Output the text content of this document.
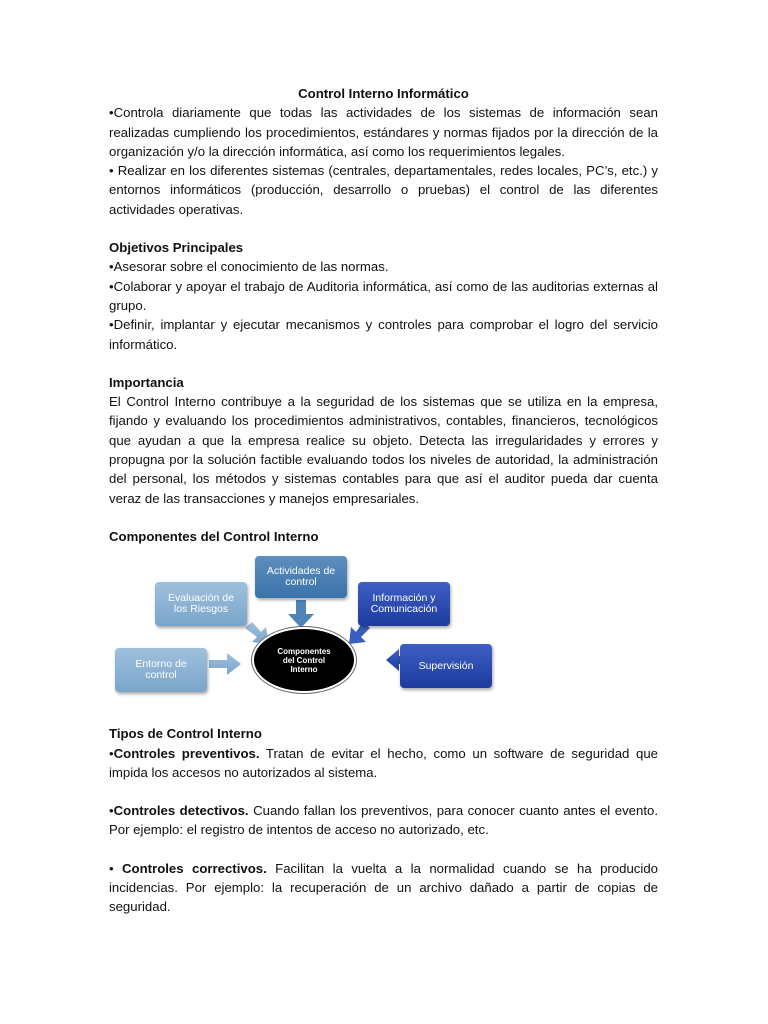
Control Interno Informático

•Controla diariamente que todas las actividades de los sistemas de información sean realizadas cumpliendo los procedimientos, estándares y normas fijados por la dirección de la organización y/o la dirección informática, así como los requerimientos legales.

• Realizar en los diferentes sistemas (centrales, departamentales, redes locales, PC’s, etc.) y entornos informáticos (producción, desarrollo o pruebas) el control de las diferentes actividades operativas.

Objetivos Principales

•Asesorar sobre el conocimiento de las normas.

•Colaborar y apoyar el trabajo de Auditoria informática, así como de las auditorias externas al grupo.

•Definir, implantar y ejecutar mecanismos y controles para comprobar el logro del servicio informático.

Importancia

El Control Interno contribuye a la seguridad de los sistemas que se utiliza en la empresa, fijando y evaluando los procedimientos administrativos, contables, financieros, tecnológicos que ayudan a que la empresa realice su objeto. Detecta las irregularidades y errores y propugna por la solución factible evaluando todos los niveles de autoridad, la administración del personal, los métodos y sistemas contables para que así el auditor pueda dar cuenta veraz de las transacciones y manejos empresariales.

Componentes del Control Interno

Entorno de control
Evaluación de los Riesgos
Actividades de control
Información y Comunicación
Supervisión
Componentes del Control Interno

Tipos de Control Interno

•Controles preventivos. Tratan de evitar el hecho, como un software de seguridad que impida los accesos no autorizados al sistema.

•Controles detectivos. Cuando fallan los preventivos, para conocer cuanto antes el evento. Por ejemplo: el registro de intentos de acceso no autorizado, etc.

• Controles correctivos. Facilitan la vuelta a la normalidad cuando se ha producido incidencias. Por ejemplo: la recuperación de un archivo dañado a partir de copias de seguridad.
